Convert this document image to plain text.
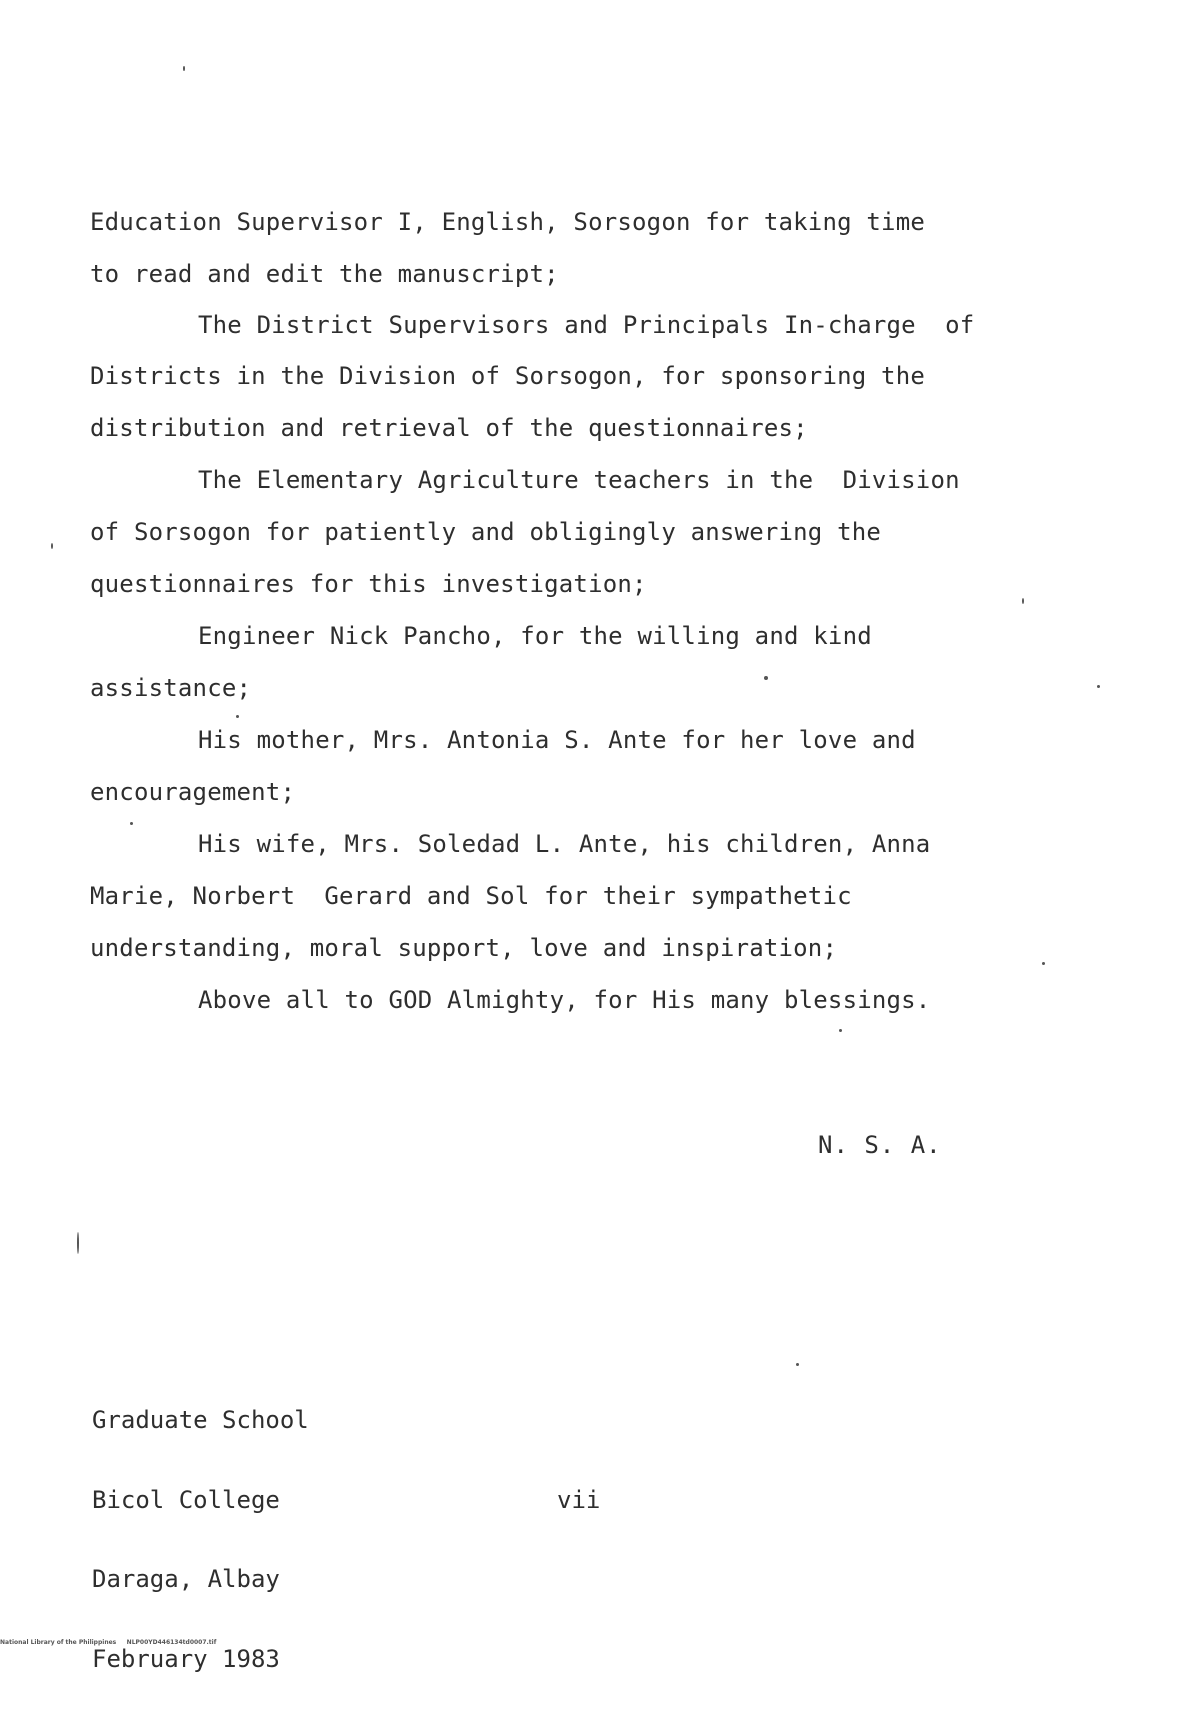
Education Supervisor I, English, Sorsogon for taking time
to read and edit the manuscript;
The District Supervisors and Principals In-charge  of
Districts in the Division of Sorsogon, for sponsoring the
distribution and retrieval of the questionnaires;
The Elementary Agriculture teachers in the  Division
of Sorsogon for patiently and obligingly answering the
questionnaires for this investigation;
Engineer Nick Pancho, for the willing and kind
assistance;
His mother, Mrs. Antonia S. Ante for her love and
encouragement;
His wife, Mrs. Soledad L. Ante, his children, Anna
Marie, Norbert  Gerard and Sol for their sympathetic
understanding, moral support, love and inspiration;
Above all to GOD Almighty, for His many blessings.
N. S. A.

Graduate School

Bicol College

Daraga, Albay

February 1983

vii
National Library of the Philippines     NLP00YD446134td0007.tif
